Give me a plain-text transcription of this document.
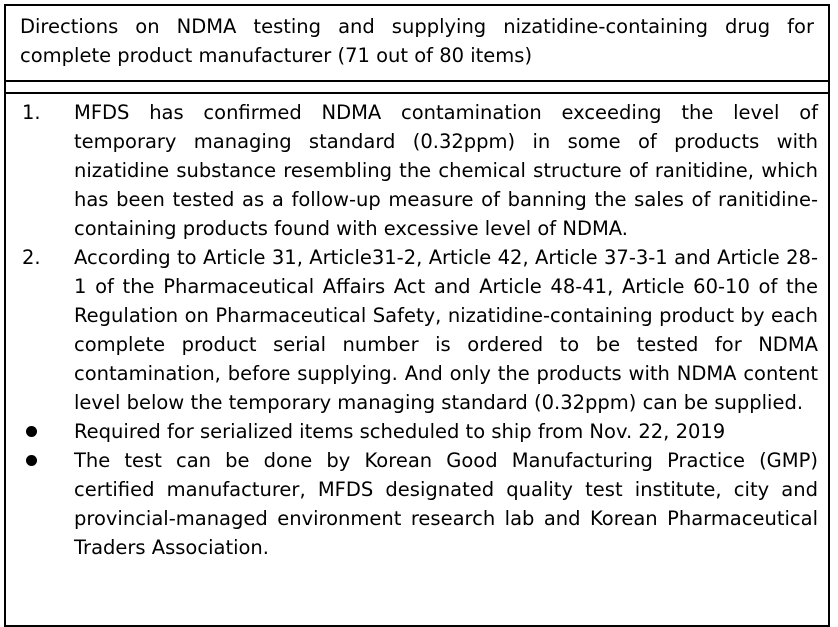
Directions on NDMA testing and supplying nizatidine-containing drug for complete product manufacturer (71 out of 80 items)
1.	MFDS has confirmed NDMA contamination exceeding the level of temporary managing standard (0.32ppm) in some of products with nizatidine substance resembling the chemical structure of ranitidine, which has been tested as a follow-up measure of banning the sales of ranitidine-containing products found with excessive level of NDMA.
2.	According to Article 31, Article31-2, Article 42, Article 37-3-1 and Article 28-1 of the Pharmaceutical Affairs Act and Article 48-41, Article 60-10 of the Regulation on Pharmaceutical Safety, nizatidine-containing product by each complete product serial number is ordered to be tested for NDMA contamination, before supplying. And only the products with NDMA content level below the temporary managing standard (0.32ppm) can be supplied.
Required for serialized items scheduled to ship from Nov. 22, 2019
The test can be done by Korean Good Manufacturing Practice (GMP) certified manufacturer, MFDS designated quality test institute, city and provincial-managed environment research lab and Korean Pharmaceutical Traders Association.
